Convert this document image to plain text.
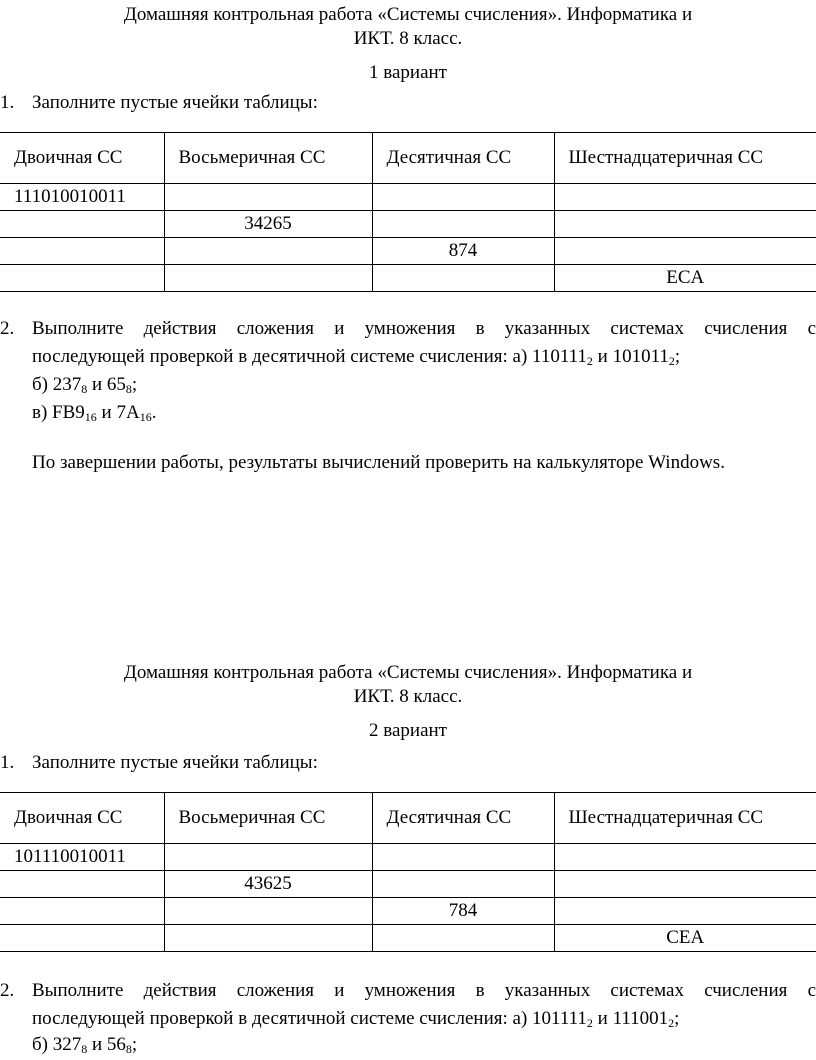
Домашняя контрольная работа «Системы счисления». Информатика и
ИКТ. 8 класс.
1 вариант
1. Заполните пустые ячейки таблицы:
Двоичная СС	Восьмеричная СС	Десятичная СС	Шестнадцатеричная СС
111010010011			
	34265		
		874	
			ECA
2. Выполните действия сложения и умножения в указанных системах счисления с
последующей проверкой в десятичной системе счисления: а) $110111_2$ и $101011_2$;
б) $237_8$ и $65_8$;
в) $FB9_{16}$ и $7A_{16}$.
По завершении работы, результаты вычислений проверить на калькуляторе Windows.
Домашняя контрольная работа «Системы счисления». Информатика и
ИКТ. 8 класс.
2 вариант
1. Заполните пустые ячейки таблицы:
Двоичная СС	Восьмеричная СС	Десятичная СС	Шестнадцатеричная СС
101110010011			
	43625		
		784	
			CEA
2. Выполните действия сложения и умножения в указанных системах счисления с
последующей проверкой в десятичной системе счисления: а) $101111_2$ и $111001_2$;
б) $327_8$ и $56_8$;
